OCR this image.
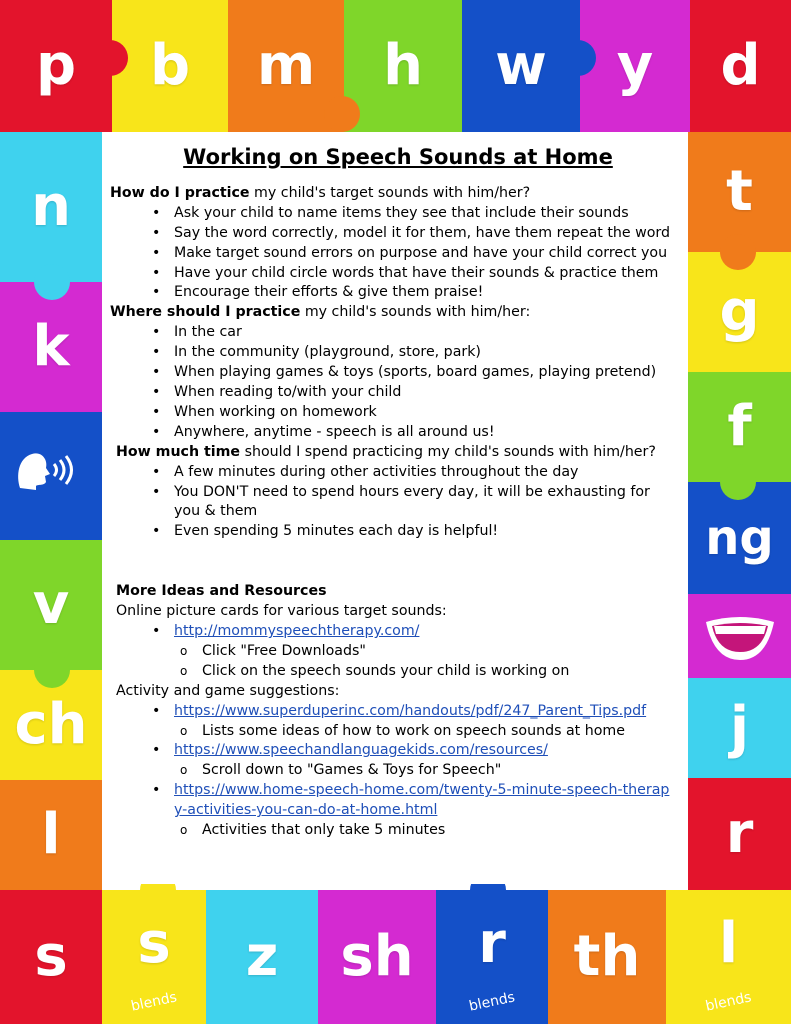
p	b	m	h	w	y	d
n
k
v
ch
l
t
g
f
ng
j
r
s	s
blends
z	sh	r
blends
th	l
blends
Working on Speech Sounds at Home

How do I practice my child's target sounds with him/her?

• Ask your child to name items they see that include their sounds
• Say the word correctly, model it for them, have them repeat the word
• Make target sound errors on purpose and have your child correct you
• Have your child circle words that have their sounds & practice them
• Encourage their efforts & give them praise!

Where should I practice my child's sounds with him/her:

• In the car
• In the community (playground, store, park)
• When playing games & toys (sports, board games, playing pretend)
• When reading to/with your child
• When working on homework
• Anywhere, anytime - speech is all around us!

How much time should I spend practicing my child's sounds with him/her?

• A few minutes during other activities throughout the day
• You DON'T need to spend hours every day, it will be exhausting for you & them
• Even spending 5 minutes each day is helpful!

More Ideas and Resources

Online picture cards for various target sounds:

• http://mommyspeechtherapy.com/
o Click "Free Downloads"
o Click on the speech sounds your child is working on

Activity and game suggestions:

• https://www.superduperinc.com/handouts/pdf/247_Parent_Tips.pdf
o Lists some ideas of how to work on speech sounds at home
• https://www.speechandlanguagekids.com/resources/
o Scroll down to "Games & Toys for Speech"
• https://www.home-speech-home.com/twenty-5-minute-speech-therapy-activities-you-can-do-at-home.html
o Activities that only take 5 minutes
